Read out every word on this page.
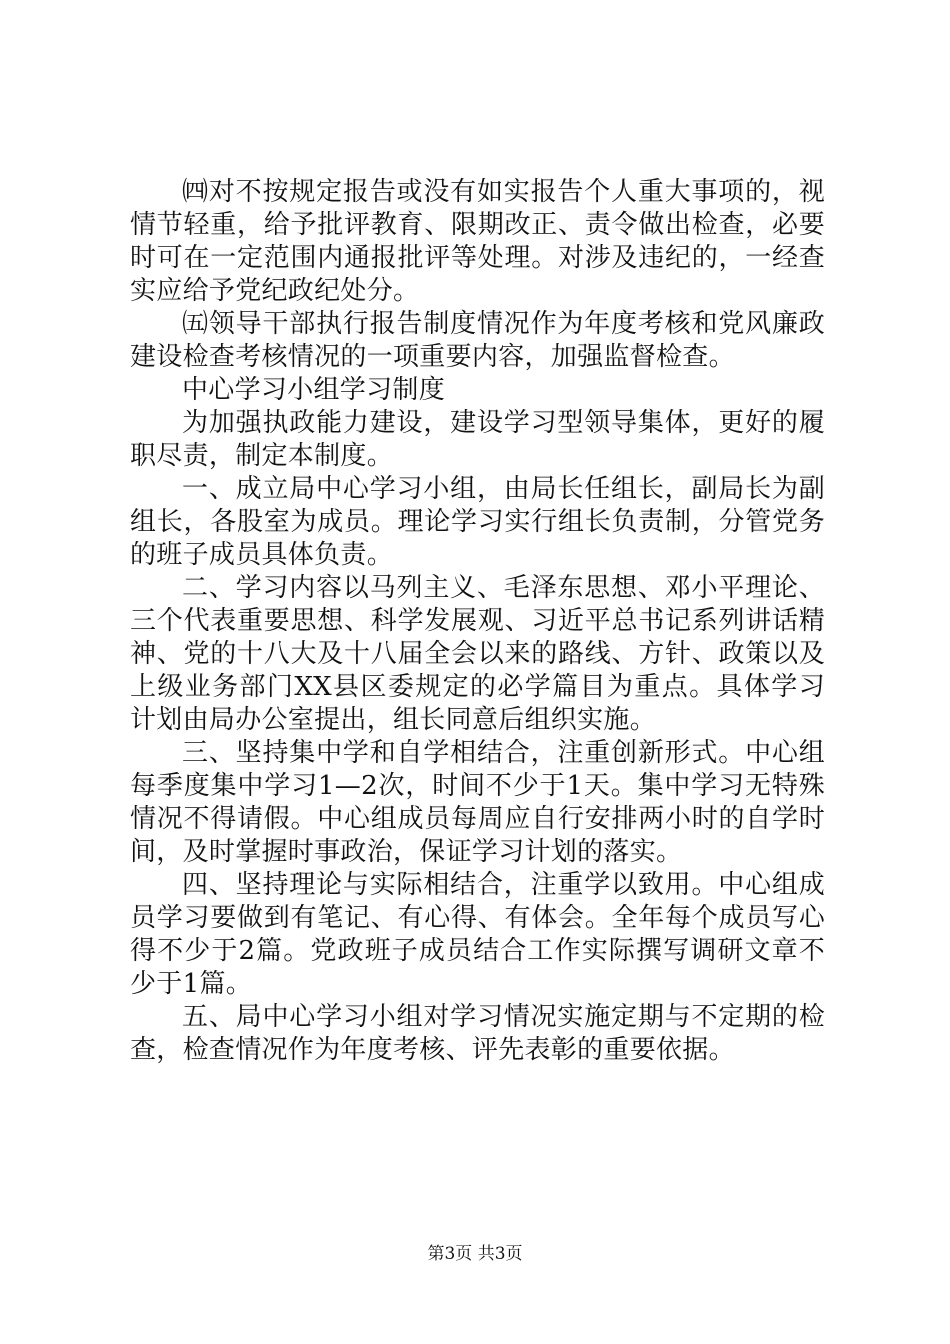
㈣对不按规定报告或没有如实报告个人重大事项的，视情节轻重，给予批评教育、限期改正、责令做出检查，必要时可在一定范围内通报批评等处理。对涉及违纪的，一经查实应给予党纪政纪处分。

㈤领导干部执行报告制度情况作为年度考核和党风廉政建设检查考核情况的一项重要内容，加强监督检查。

中心学习小组学习制度

为加强执政能力建设，建设学习型领导集体，更好的履职尽责，制定本制度。

一、成立局中心学习小组，由局长任组长，副局长为副组长，各股室为成员。理论学习实行组长负责制，分管党务的班子成员具体负责。

二、学习内容以马列主义、毛泽东思想、邓小平理论、三个代表重要思想、科学发展观、习近平总书记系列讲话精神、党的十八大及十八届全会以来的路线、方针、政策以及上级业务部门XX县区委规定的必学篇目为重点。具体学习计划由局办公室提出，组长同意后组织实施。

三、坚持集中学和自学相结合，注重创新形式。中心组每季度集中学习1—2次，时间不少于1天。集中学习无特殊情况不得请假。中心组成员每周应自行安排两小时的自学时间，及时掌握时事政治，保证学习计划的落实。

四、坚持理论与实际相结合，注重学以致用。中心组成员学习要做到有笔记、有心得、有体会。全年每个成员写心得不少于2篇。党政班子成员结合工作实际撰写调研文章不少于1篇。

五、局中心学习小组对学习情况实施定期与不定期的检查，检查情况作为年度考核、评先表彰的重要依据。

第3页 共3页
